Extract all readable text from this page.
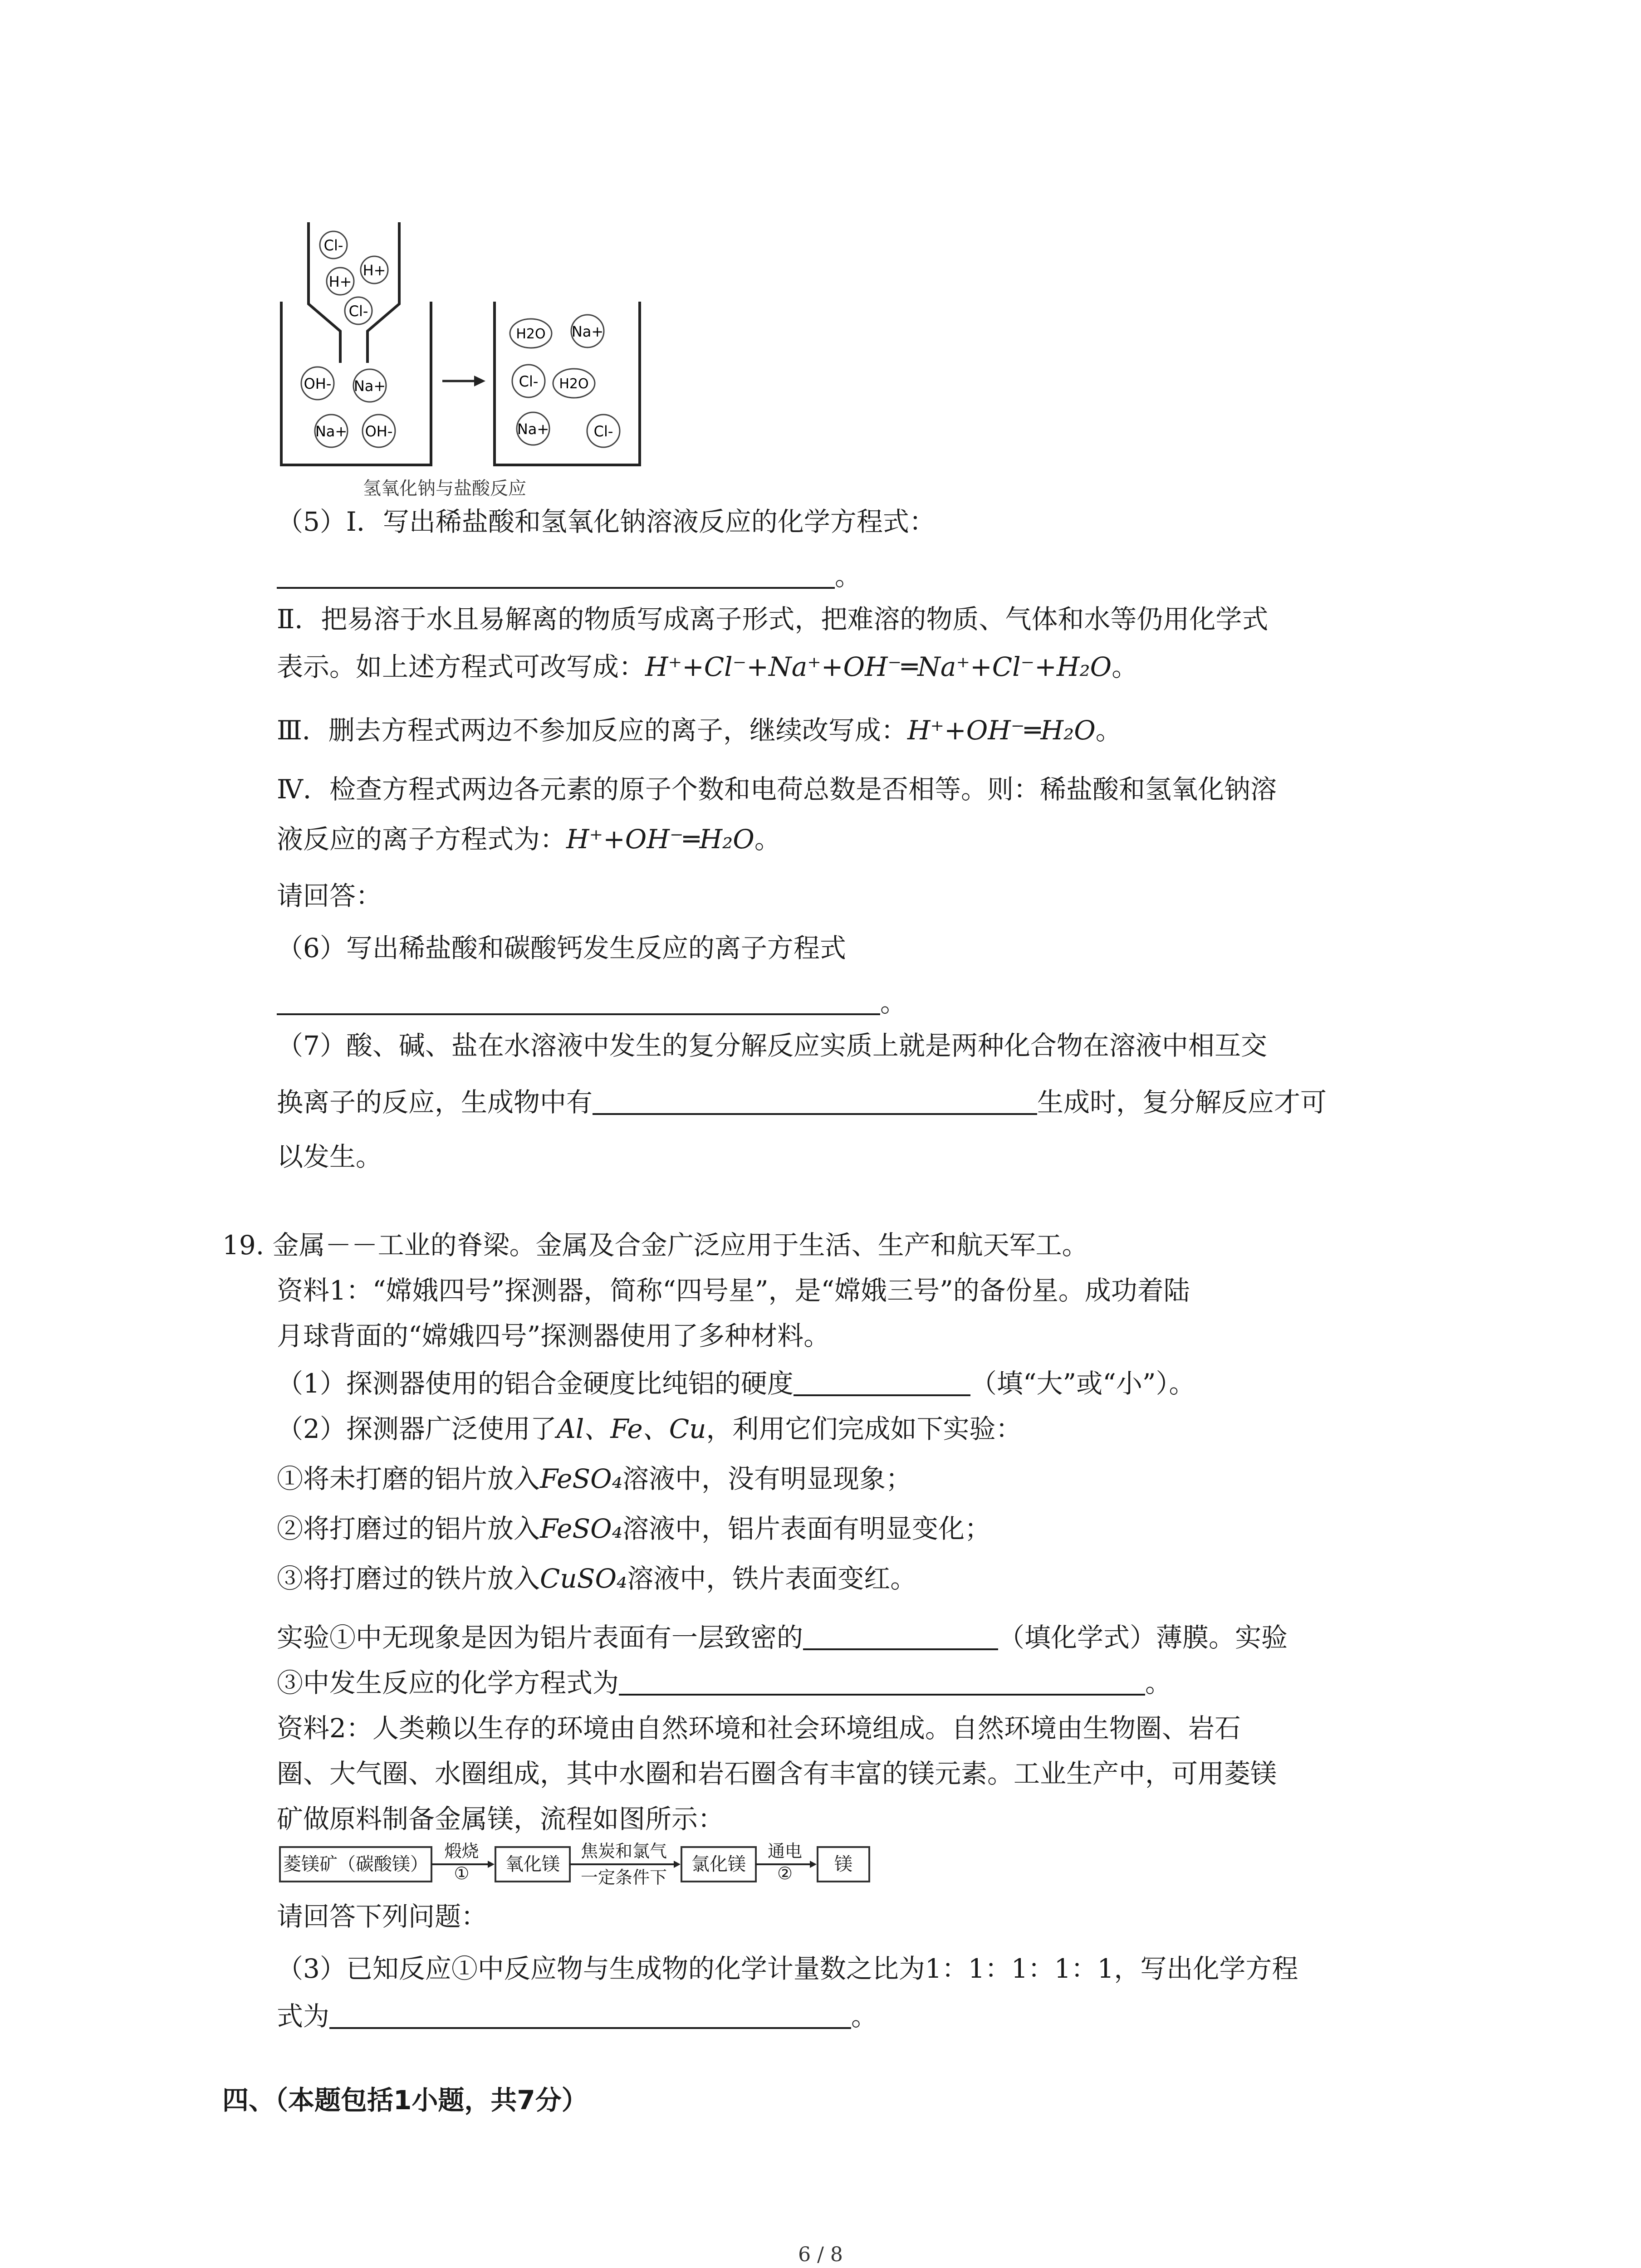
Cl-
H+
H+
Cl-
OH- Na+
Na+ OH-
H2O Na+
Cl- H2O
Na+	Cl-
氢氧化钠与盐酸反应
（5）Ⅰ．写出稀盐酸和氢氧化钠溶液反应的化学方程式：
。
Ⅱ．把易溶于水且易解离的物质写成离子形式，把难溶的物质、气体和水等仍用化学式
表示。如上述方程式可改写成：H⁺+Cl⁻+Na⁺+OH⁻═Na⁺+Cl⁻+H₂O。
Ⅲ．删去方程式两边不参加反应的离子，继续改写成：H⁺+OH⁻═H₂O。
Ⅳ．检查方程式两边各元素的原子个数和电荷总数是否相等。则：稀盐酸和氢氧化钠溶
液反应的离子方程式为：H⁺+OH⁻═H₂O。
请回答：
（6）写出稀盐酸和碳酸钙发生反应的离子方程式
。
（7）酸、碱、盐在水溶液中发生的复分解反应实质上就是两种化合物在溶液中相互交
换离子的反应，生成物中有	生成时，复分解反应才可
以发生。
19. 金属－－工业的脊梁。金属及合金广泛应用于生活、生产和航天军工。
资料1：“嫦娥四号”探测器，简称“四号星”，是“嫦娥三号”的备份星。成功着陆
月球背面的“嫦娥四号”探测器使用了多种材料。
（1）探测器使用的铝合金硬度比纯铝的硬度	（填“大”或“小”）。
（2）探测器广泛使用了Al、Fe、Cu，利用它们完成如下实验：
①将未打磨的铝片放入FeSO₄溶液中，没有明显现象；
②将打磨过的铝片放入FeSO₄溶液中，铝片表面有明显变化；
③将打磨过的铁片放入CuSO₄溶液中，铁片表面变红。
实验①中无现象是因为铝片表面有一层致密的	（填化学式）薄膜。实验
③中发生反应的化学方程式为	。
资料2：人类赖以生存的环境由自然环境和社会环境组成。自然环境由生物圈、岩石
圈、大气圈、水圈组成，其中水圈和岩石圈含有丰富的镁元素。工业生产中，可用菱镁
矿做原料制备金属镁，流程如图所示：
菱镁矿（碳酸镁）
煅烧
①	氧化镁
焦炭和氯气
一定条件下
氯化镁
通电
②	镁
请回答下列问题：
（3）已知反应①中反应物与生成物的化学计量数之比为1：1：1：1：1，写出化学方程
式为	。
四、（本题包括1小题，共7分）
6 / 8
